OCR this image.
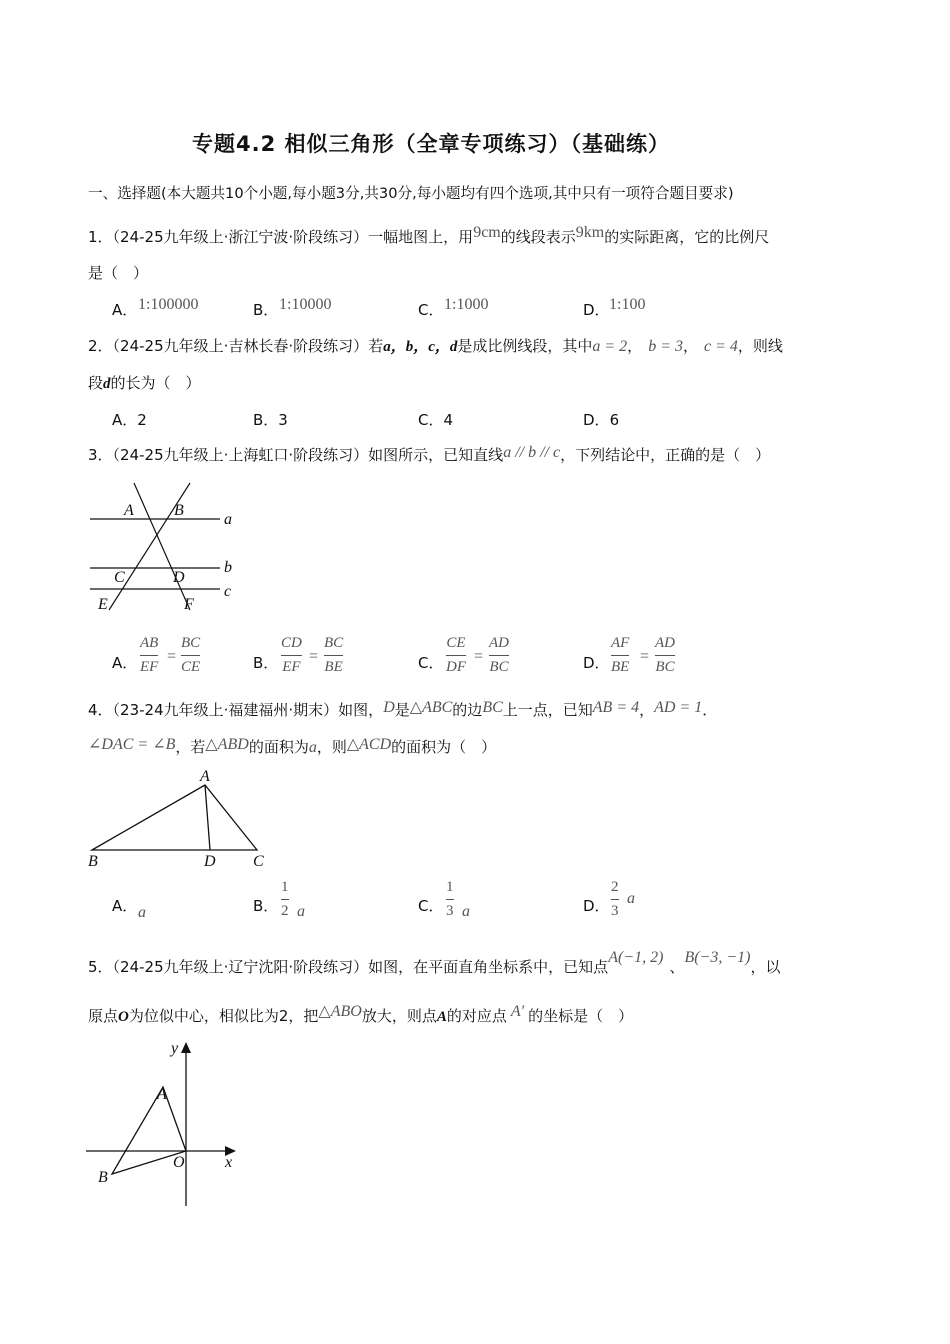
专题4.2 相似三角形（全章专项练习）（基础练）
一、选择题(本大题共10个小题,每小题3分,共30分,每小题均有四个选项,其中只有一项符合题目要求)
1．（24-25九年级上·浙江宁波·阶段练习）一幅地图上，用9cm的线段表示9km的实际距离，它的比例尺
是（　）
A． 1:100000	B． 1:10000	C． 1:1000	D． 1:100
2．（24-25九年级上·吉林长春·阶段练习）若a，b，c，d是成比例线段，其中a = 2， b = 3， c = 4，则线
段d的长为（　）
A．2	B．3	C．4	D．6
3．（24-25九年级上·上海虹口·阶段练习）如图所示，已知直线a // b // c，下列结论中，正确的是（　）
A	B
a
C	D
b
E	F
c
A．
AB
EF
=
BC
CE	B．
CD
EF
=
BC
BE	C．
CE
DF
=
AD
BC	D．
AF
BE
=
AD
BC
4．（23-24九年级上·福建福州·期末）如图，D是△ABC的边BC上一点，已知AB = 4，AD = 1．
∠DAC = ∠B，若△ABD的面积为a，则△ACD的面积为（　）
A
B	D C
A． a	B．
1
2 a	C．
1
3 a	D．
2
3
a
5．（24-25九年级上·辽宁沈阳·阶段练习）如图，在平面直角坐标系中，已知点A(−1, 2)、B(−3, −1)，以
原点O为位似中心，相似比为2，把△ABO放大，则点A的对应点 A′ 的坐标是（　）
y
A
O	x
B
